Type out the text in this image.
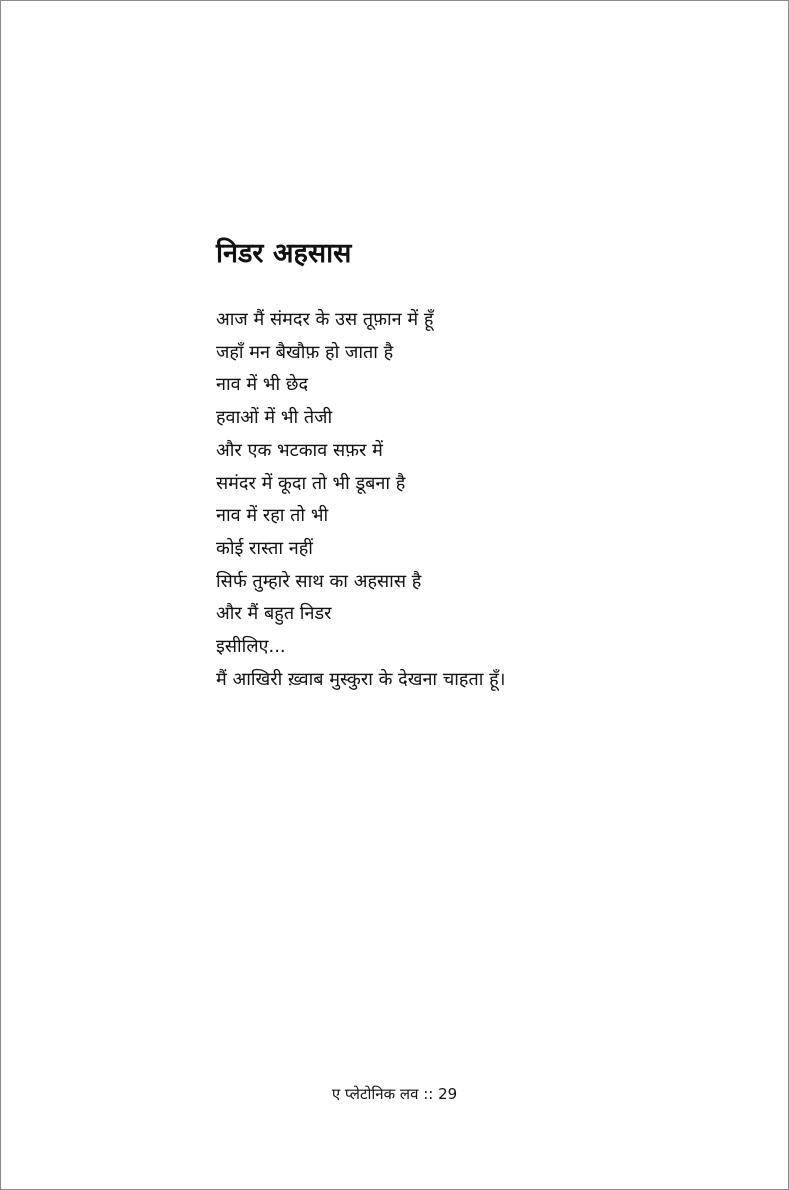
निडर अहसास
आज मैं संमदर के उस तूफ़ान में हूँ
जहाँ मन बैखौफ़ हो जाता है
नाव में भी छेद
हवाओं में भी तेजी
और एक भटकाव सफ़र में
समंदर में कूदा तो भी डूबना है
नाव में रहा तो भी
कोई रास्ता नहीं
सिर्फ तुम्हारे साथ का अहसास है
और मैं बहुत निडर
इसीलिए...
मैं आखिरी ख़्वाब मुस्कुरा के देखना चाहता हूँ।
ए प्लेटोनिक लव :: 29
